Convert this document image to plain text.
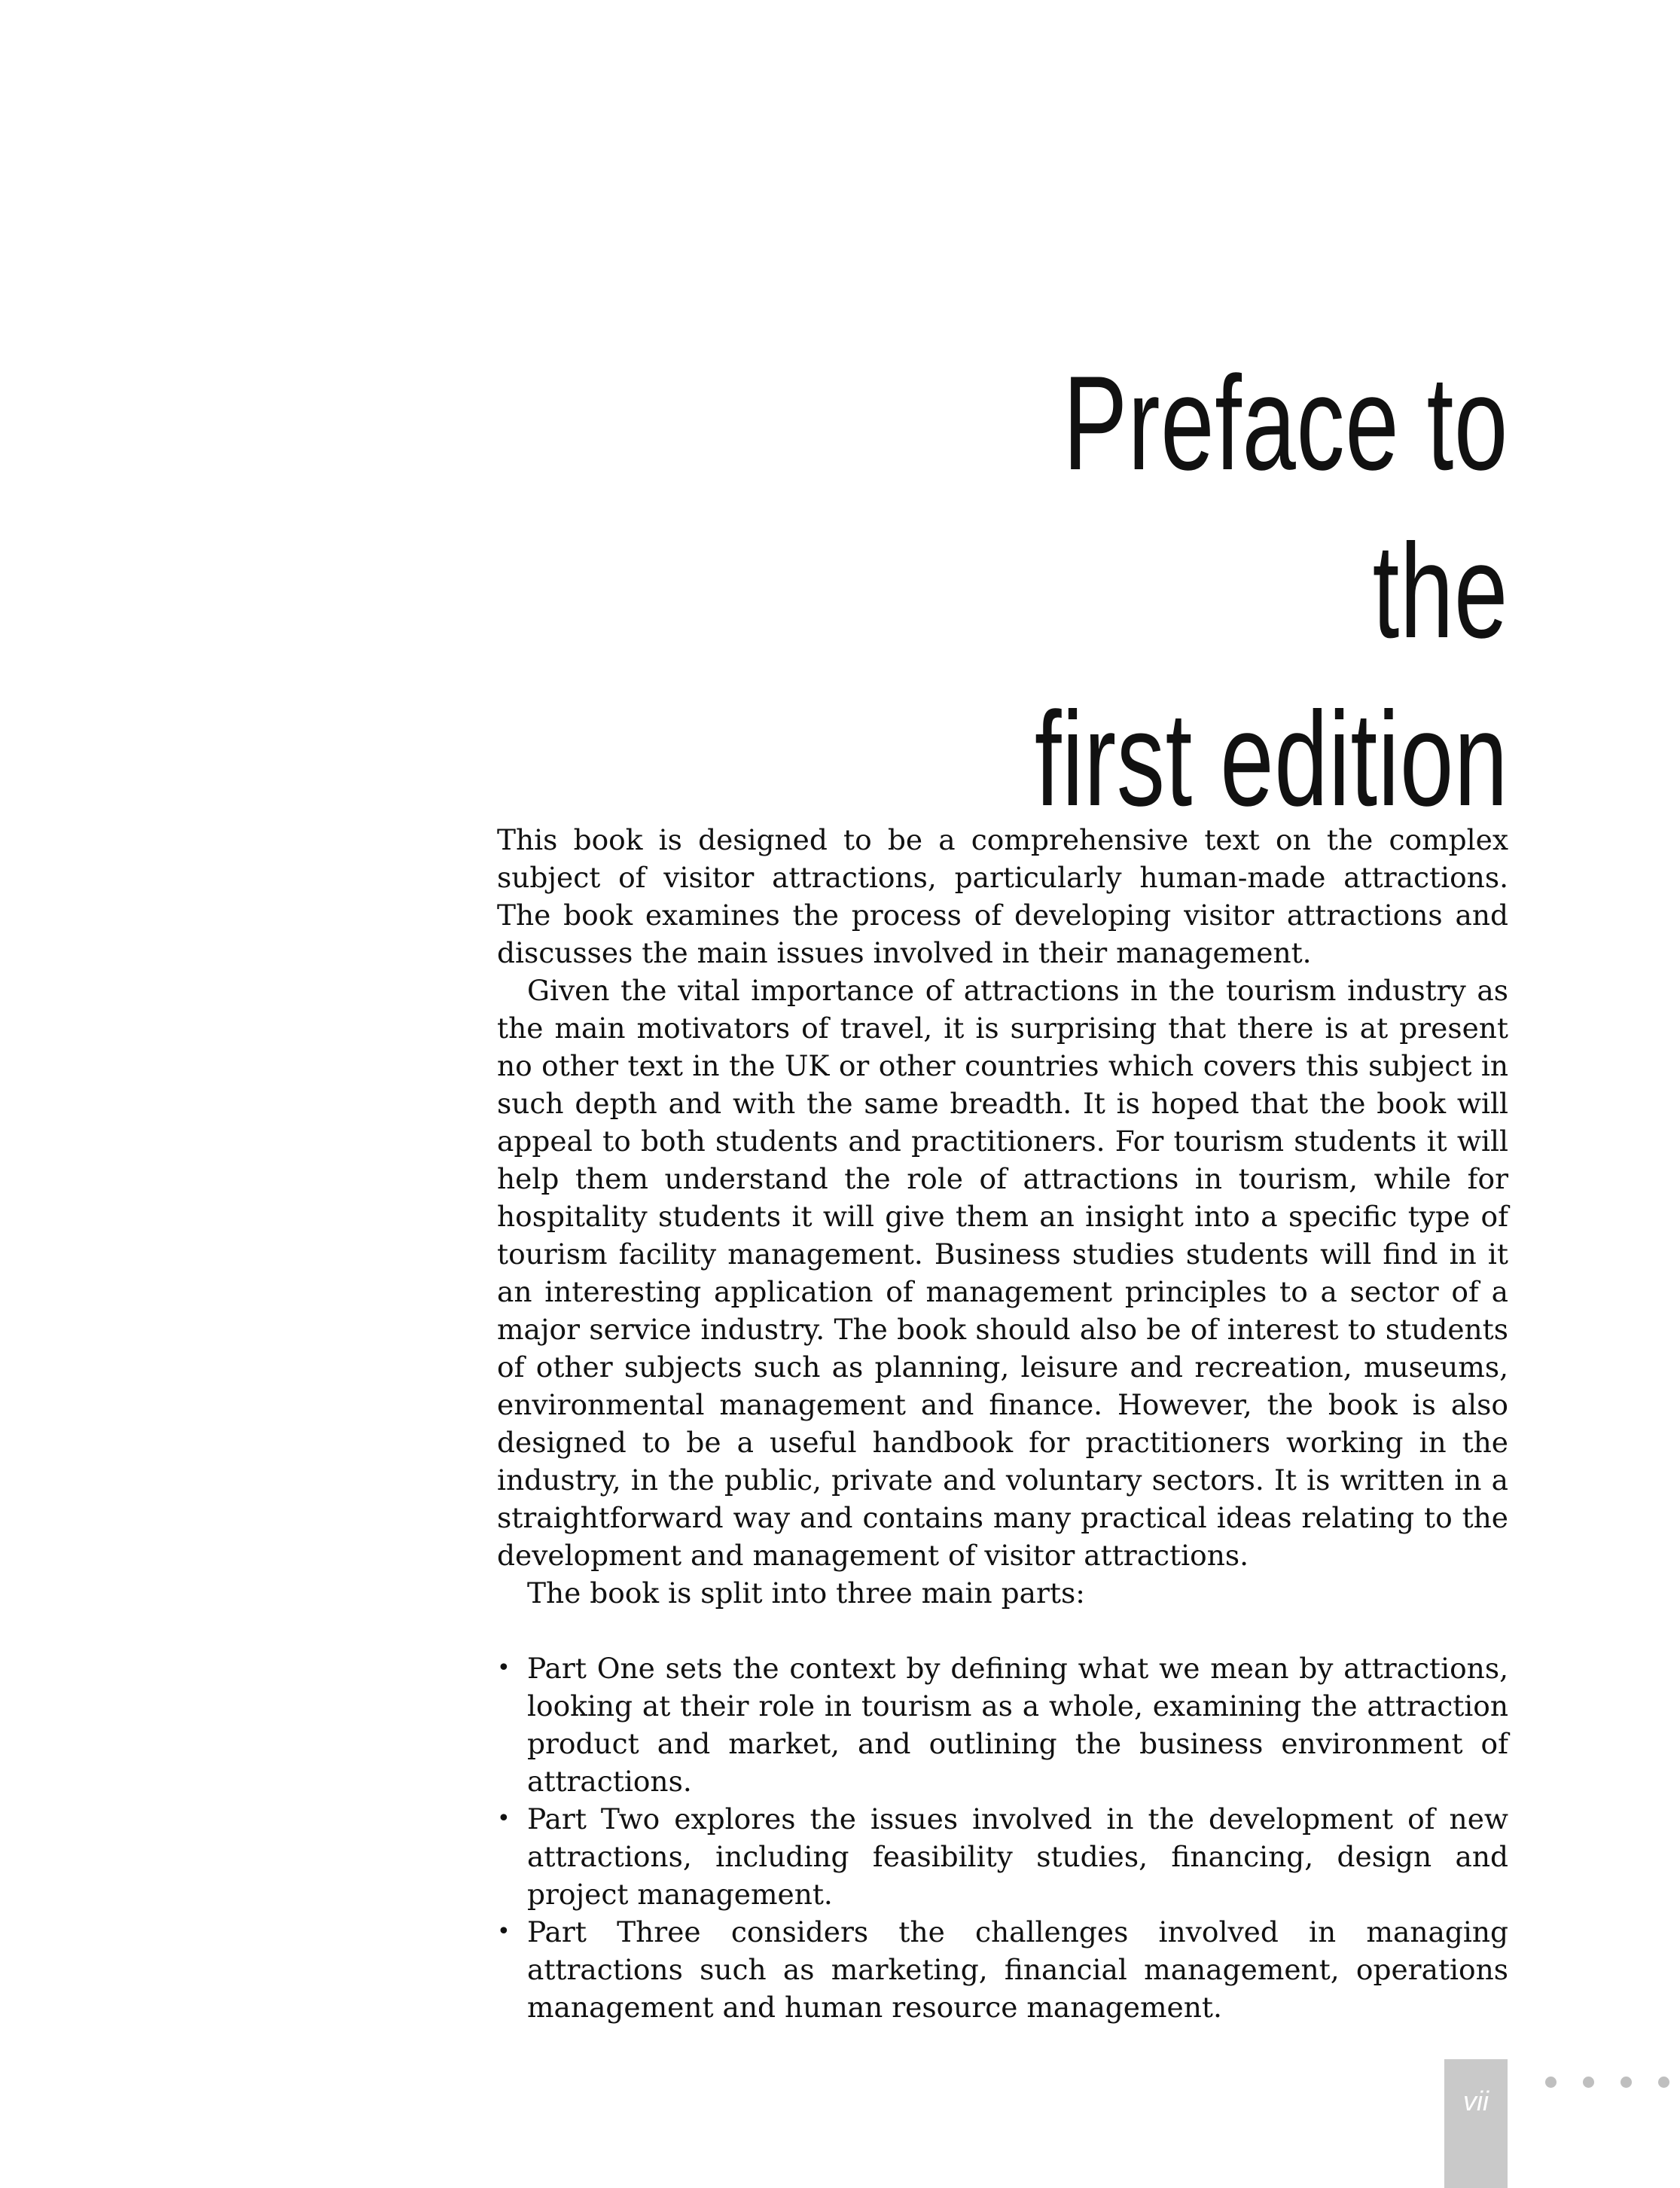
Preface to the
first edition

This book is designed to be a comprehensive text on the complex subject of visitor attractions, particularly human-made attractions. The book examines the process of developing visitor attractions and discusses the main issues involved in their management.

Given the vital importance of attractions in the tourism industry as the main motivators of travel, it is surprising that there is at present no other text in the UK or other countries which covers this subject in such depth and with the same breadth. It is hoped that the book will appeal to both students and practitioners. For tourism students it will help them understand the role of attractions in tourism, while for hospitality students it will give them an insight into a specific type of tourism facility management. Business studies students will find in it an interesting application of management principles to a sector of a major service industry. The book should also be of interest to students of other subjects such as planning, leisure and recreation, museums, environmental management and finance. However, the book is also designed to be a useful handbook for practitioners working in the industry, in the public, private and voluntary sectors. It is written in a straightforward way and contains many practical ideas relating to the development and management of visitor attractions.

The book is split into three main parts:

• Part One sets the context by defining what we mean by attractions, looking at their role in tourism as a whole, examining the attraction product and market, and outlining the business environment of attractions.
• Part Two explores the issues involved in the development of new attractions, including feasibility studies, financing, design and project management.
• Part Three considers the challenges involved in managing attractions such as marketing, financial management, operations management and human resource management.
vii
